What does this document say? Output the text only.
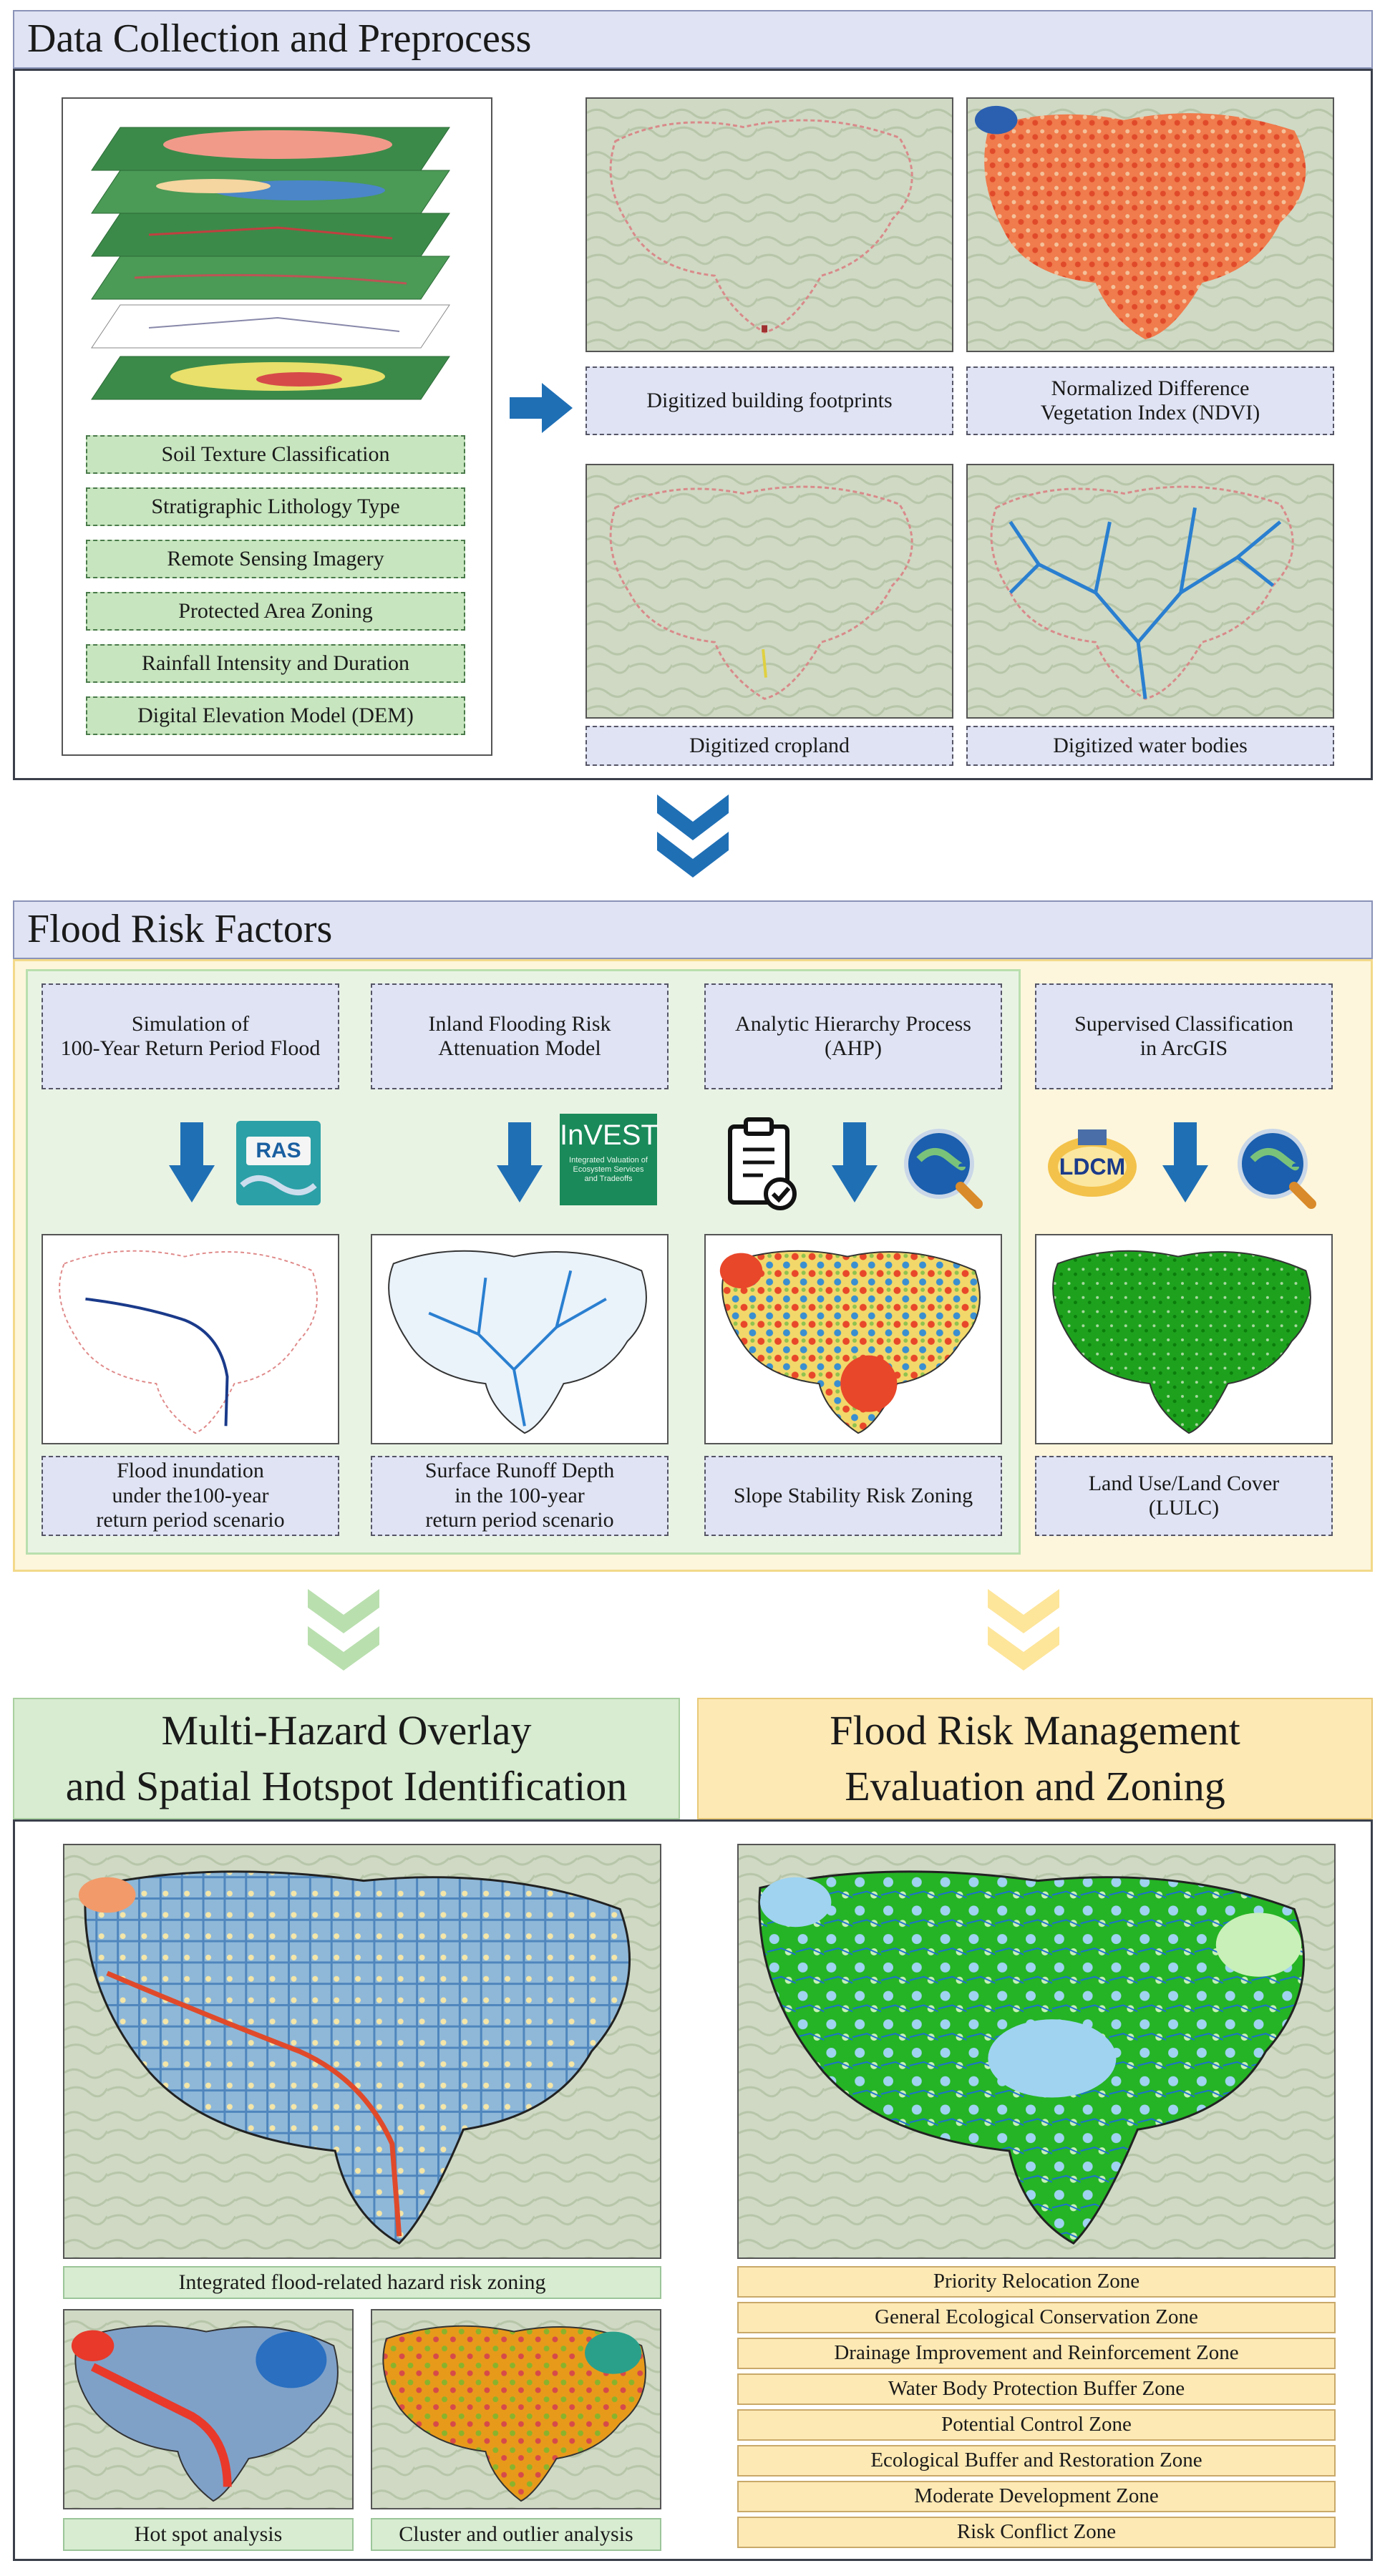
Data Collection and Preprocess
Soil Texture Classification
Stratigraphic Lithology Type
Remote Sensing Imagery
Protected Area Zoning
Rainfall Intensity and Duration
Digital Elevation Model (DEM)
Digitized building footprints
Normalized Difference
Vegetation Index (NDVI)
Digitized cropland	Digitized water bodies
Flood Risk Factors
Simulation of
100-Year Return Period Flood
Inland Flooding Risk
Attenuation Model
Analytic Hierarchy Process
(AHP)
Supervised Classification
in ArcGIS
RAS	InVEST
Integrated Valuation of
Ecosystem Services
and Tradeoffs	LDCM
Flood inundation
under the100-year
return period scenario
Surface Runoff Depth
in the 100-year
return period scenario
Slope Stability Risk Zoning
Land Use/Land Cover
(LULC)
Multi-Hazard Overlay
and Spatial Hotspot Identification
Flood Risk Management
Evaluation and Zoning
Integrated flood-related hazard risk zoning
Hot spot analysis	Cluster and outlier analysis
Priority Relocation Zone
General Ecological Conservation Zone
Drainage Improvement and Reinforcement Zone
Water Body Protection Buffer Zone
Potential Control Zone
Ecological Buffer and Restoration Zone
Moderate Development Zone
Risk Conflict Zone
